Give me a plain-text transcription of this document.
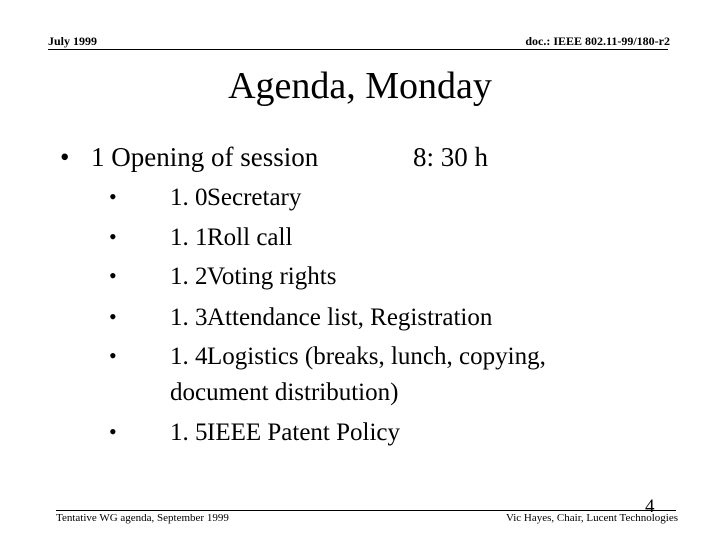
July 1999	doc.: IEEE 802.11-99/180-r2
Agenda, Monday
• 1 Opening of session	8: 30 h
• 1. 0 Secretary
• 1. 1 Roll call
• 1. 2 Voting rights
• 1. 3 Attendance list, Registration
• 1. 4 Logistics (breaks, lunch, copying,
document distribution)
• 1. 5 IEEE Patent Policy
Tentative WG agenda, September 1999	Vic Hayes, Chair, Lucent Technologies
4
